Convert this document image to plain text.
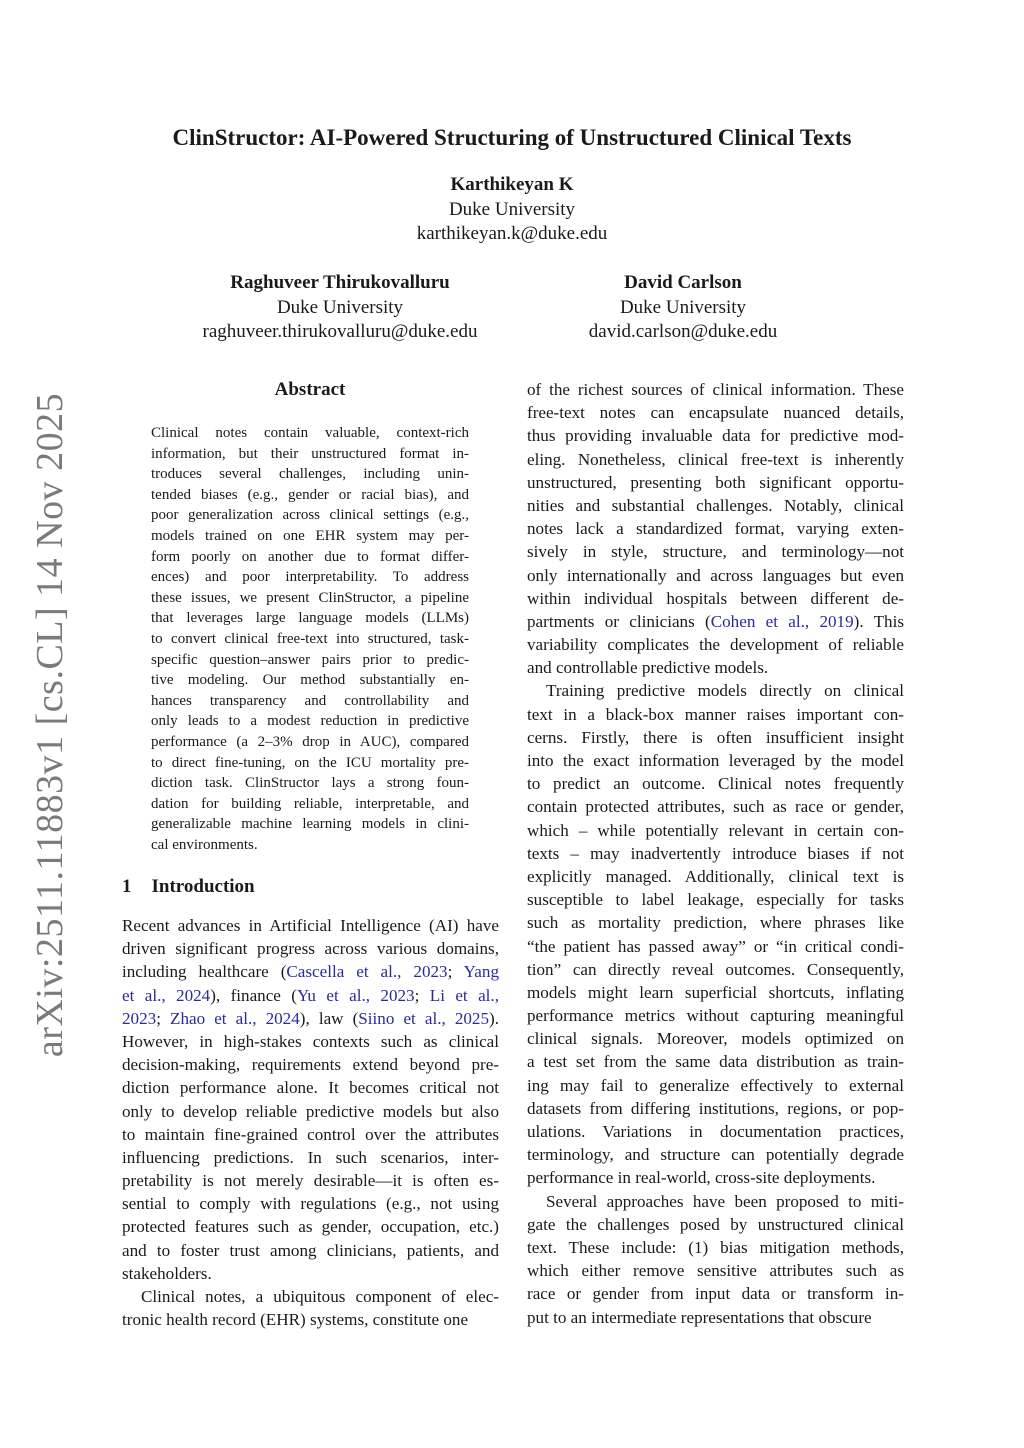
arXiv:2511.11883v1 [cs.CL] 14 Nov 2025
ClinStructor: AI-Powered Structuring of Unstructured Clinical Texts
Karthikeyan K
Duke University
karthikeyan.k@duke.edu
Raghuveer Thirukovalluru
Duke University
raghuveer.thirukovalluru@duke.edu
David Carlson
Duke University
david.carlson@duke.edu
Abstract
Clinical notes contain valuable, context-rich
information, but their unstructured format in-
troduces several challenges, including unin-
tended biases (e.g., gender or racial bias), and
poor generalization across clinical settings (e.g.,
models trained on one EHR system may per-
form poorly on another due to format differ-
ences) and poor interpretability. To address
these issues, we present ClinStructor, a pipeline
that leverages large language models (LLMs)
to convert clinical free-text into structured, task-
specific question–answer pairs prior to predic-
tive modeling. Our method substantially en-
hances transparency and controllability and
only leads to a modest reduction in predictive
performance (a 2–3% drop in AUC), compared
to direct fine-tuning, on the ICU mortality pre-
diction task. ClinStructor lays a strong foun-
dation for building reliable, interpretable, and
generalizable machine learning models in clini-
cal environments.
1 Introduction
Recent advances in Artificial Intelligence (AI) have
driven significant progress across various domains,
including healthcare (Cascella et al., 2023; Yang
et al., 2024), finance (Yu et al., 2023; Li et al.,
2023; Zhao et al., 2024), law (Siino et al., 2025).
However, in high-stakes contexts such as clinical
decision-making, requirements extend beyond pre-
diction performance alone. It becomes critical not
only to develop reliable predictive models but also
to maintain fine-grained control over the attributes
influencing predictions. In such scenarios, inter-
pretability is not merely desirable—it is often es-
sential to comply with regulations (e.g., not using
protected features such as gender, occupation, etc.)
and to foster trust among clinicians, patients, and
stakeholders.
Clinical notes, a ubiquitous component of elec-
tronic health record (EHR) systems, constitute one
of the richest sources of clinical information. These
free-text notes can encapsulate nuanced details,
thus providing invaluable data for predictive mod-
eling. Nonetheless, clinical free-text is inherently
unstructured, presenting both significant opportu-
nities and substantial challenges. Notably, clinical
notes lack a standardized format, varying exten-
sively in style, structure, and terminology—not
only internationally and across languages but even
within individual hospitals between different de-
partments or clinicians (Cohen et al., 2019). This
variability complicates the development of reliable
and controllable predictive models.
Training predictive models directly on clinical
text in a black-box manner raises important con-
cerns. Firstly, there is often insufficient insight
into the exact information leveraged by the model
to predict an outcome. Clinical notes frequently
contain protected attributes, such as race or gender,
which – while potentially relevant in certain con-
texts – may inadvertently introduce biases if not
explicitly managed. Additionally, clinical text is
susceptible to label leakage, especially for tasks
such as mortality prediction, where phrases like
“the patient has passed away” or “in critical condi-
tion” can directly reveal outcomes. Consequently,
models might learn superficial shortcuts, inflating
performance metrics without capturing meaningful
clinical signals. Moreover, models optimized on
a test set from the same data distribution as train-
ing may fail to generalize effectively to external
datasets from differing institutions, regions, or pop-
ulations. Variations in documentation practices,
terminology, and structure can potentially degrade
performance in real-world, cross-site deployments.
Several approaches have been proposed to miti-
gate the challenges posed by unstructured clinical
text. These include: (1) bias mitigation methods,
which either remove sensitive attributes such as
race or gender from input data or transform in-
put to an intermediate representations that obscure
